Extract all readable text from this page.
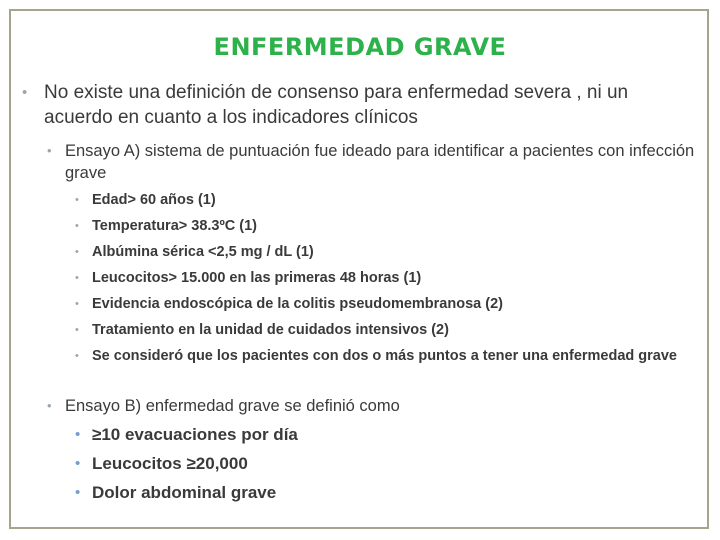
ENFERMEDAD GRAVE
• No existe una definición de consenso para enfermedad severa , ni un acuerdo en cuanto a los indicadores clínicos
• Ensayo A) sistema de puntuación fue ideado para identificar a pacientes con infección grave
• Edad> 60 años (1)
• Temperatura> 38.3ºC (1)
• Albúmina sérica <2,5 mg / dL (1)
• Leucocitos> 15.000 en las primeras 48 horas (1)
• Evidencia endoscópica de la colitis pseudomembranosa (2)
• Tratamiento en la unidad de cuidados intensivos (2)
• Se consideró que los pacientes con dos o más puntos a tener una enfermedad grave
• Ensayo B) enfermedad grave se definió como
• ≥10 evacuaciones por día
• Leucocitos ≥20,000
• Dolor abdominal grave
